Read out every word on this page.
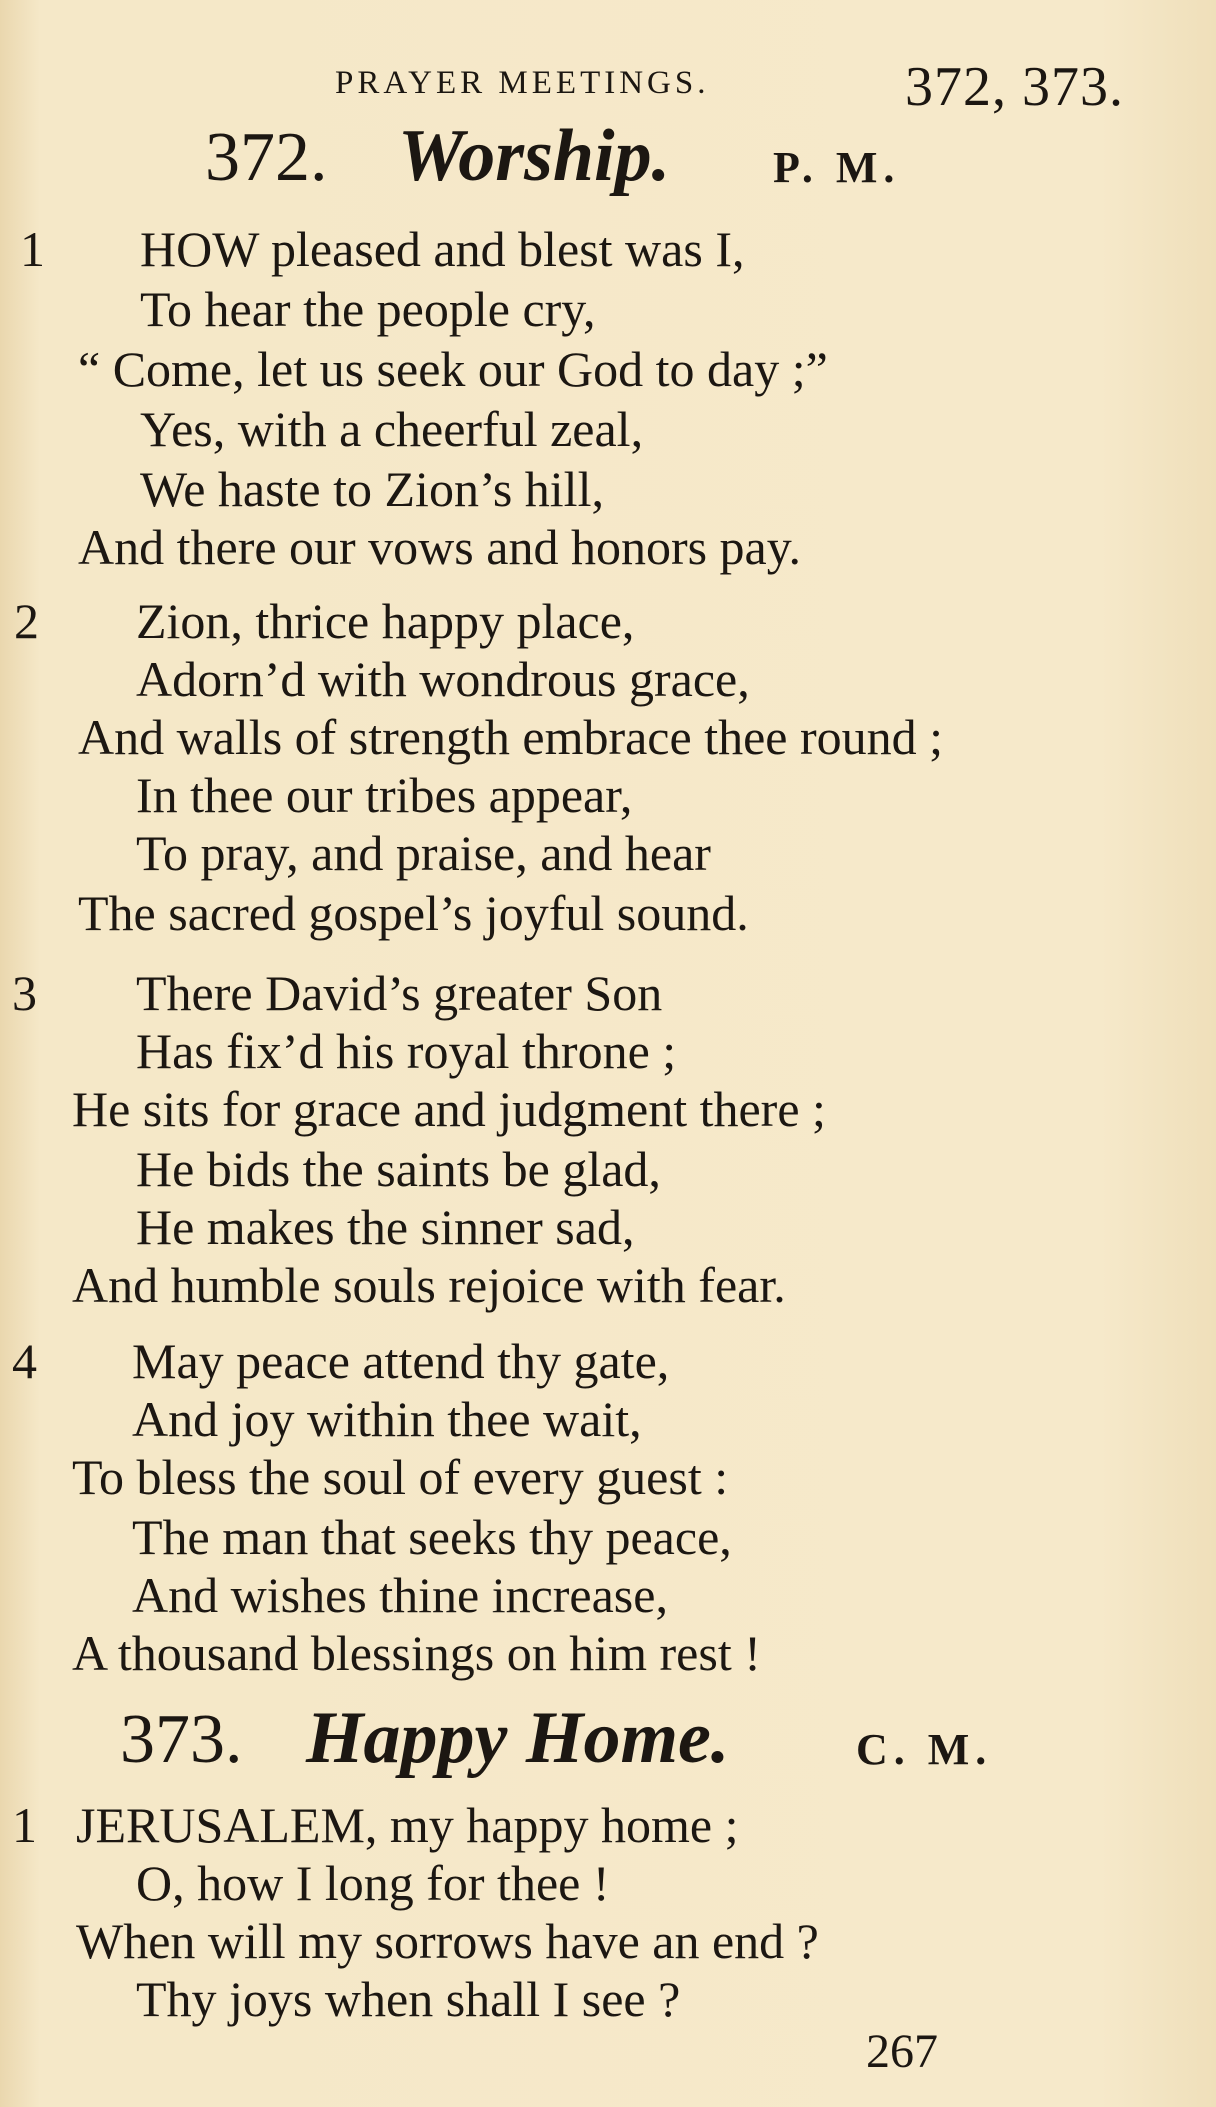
PRAYER MEETINGS.	372, 373.
372. Worship. P. M.
1 HOW pleased and blest was I,
To hear the people cry,
“ Come, let us seek our God to day ;”
Yes, with a cheerful zeal,
We haste to Zion’s hill,
And there our vows and honors pay.
2 Zion, thrice happy place,
Adorn’d with wondrous grace,
And walls of strength embrace thee round ;
In thee our tribes appear,
To pray, and praise, and hear
The sacred gospel’s joyful sound.
3 There David’s greater Son
Has fix’d his royal throne ;
He sits for grace and judgment there ;
He bids the saints be glad,
He makes the sinner sad,
And humble souls rejoice with fear.
4 May peace attend thy gate,
And joy within thee wait,
To bless the soul of every guest :
The man that seeks thy peace,
And wishes thine increase,
A thousand blessings on him rest !
373. Happy Home.	C. M.
1 JERUSALEM, my happy home ;
O, how I long for thee !
When will my sorrows have an end ?
Thy joys when shall I see ?
267
